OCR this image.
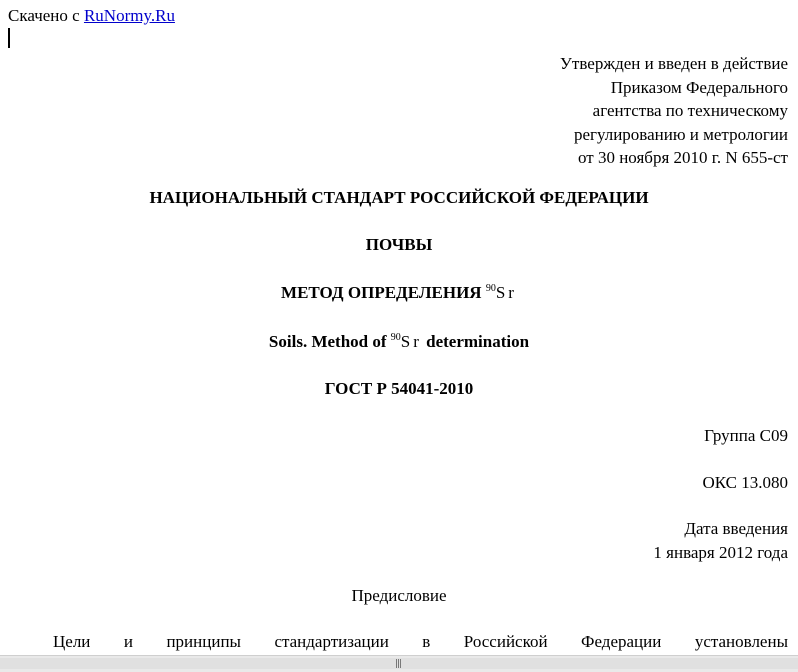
Скачено с RuNormy.Ru
Утвержден и введен в действие
Приказом Федерального
агентства по техническому
регулированию и метрологии
от 30 ноября 2010 г. N 655-ст
НАЦИОНАЛЬНЫЙ СТАНДАРТ РОССИЙСКОЙ ФЕДЕРАЦИИ
ПОЧВЫ
МЕТОД ОПРЕДЕЛЕНИЯ $^{90}$Sr
Soils. Method of $^{90}$Sr determination
ГОСТ Р 54041-2010
Группа С09
ОКС 13.080
Дата введения
1 января 2012 года
Предисловие
Цели и принципы стандартизации в Российской Федерации установлены
|||
